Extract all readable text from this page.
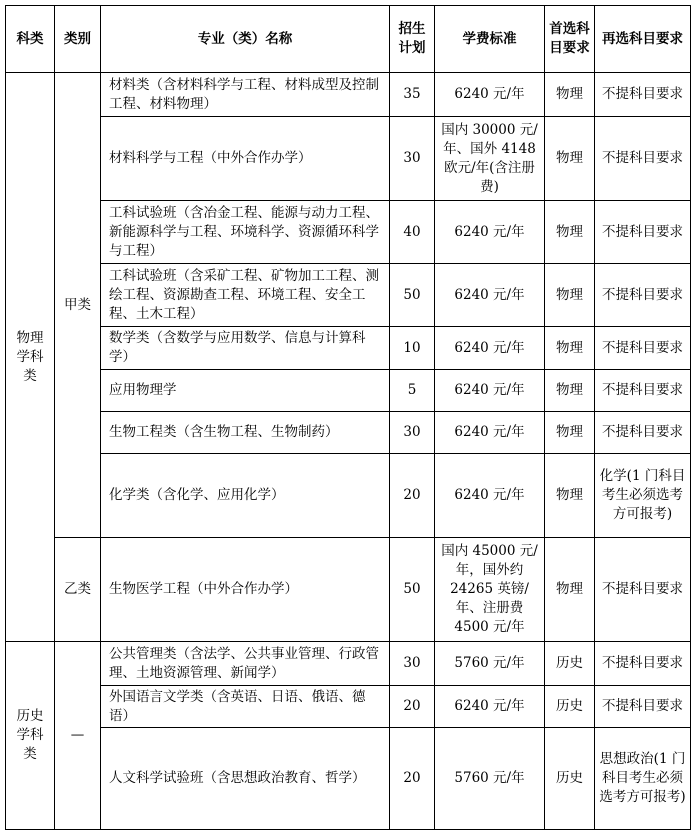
科类	类别	专业（类）名称	招生计划	学费标准	首选科目要求	再选科目要求
物理学科类	甲类	材料类（含材料科学与工程、材料成型及控制工程、材料物理）	35	6240 元/年	物理	不提科目要求
		材料科学与工程（中外合作办学）	30	国内 30000 元/年、国外 4148 欧元/年(含注册费)	物理	不提科目要求
		工科试验班（含冶金工程、能源与动力工程、新能源科学与工程、环境科学、资源循环科学与工程）	40	6240 元/年	物理	不提科目要求
		工科试验班（含采矿工程、矿物加工工程、测绘工程、资源勘查工程、环境工程、安全工程、土木工程）	50	6240 元/年	物理	不提科目要求
		数学类（含数学与应用数学、信息与计算科学）	10	6240 元/年	物理	不提科目要求
		应用物理学	5	6240 元/年	物理	不提科目要求
		生物工程类（含生物工程、生物制药）	30	6240 元/年	物理	不提科目要求
		化学类（含化学、应用化学）	20	6240 元/年	物理	化学(1 门科目考生必须选考方可报考)
	乙类	生物医学工程（中外合作办学）	50	国内 45000 元/年，国外约 24265 英镑/年、注册费 4500 元/年	物理	不提科目要求
历史学科类	—	公共管理类（含法学、公共事业管理、行政管理、土地资源管理、新闻学）	30	5760 元/年	历史	不提科目要求
		外国语言文学类（含英语、日语、俄语、德语）	20	6240 元/年	历史	不提科目要求
		人文科学试验班（含思想政治教育、哲学）	20	5760 元/年	历史	思想政治(1 门科目考生必须选考方可报考)
